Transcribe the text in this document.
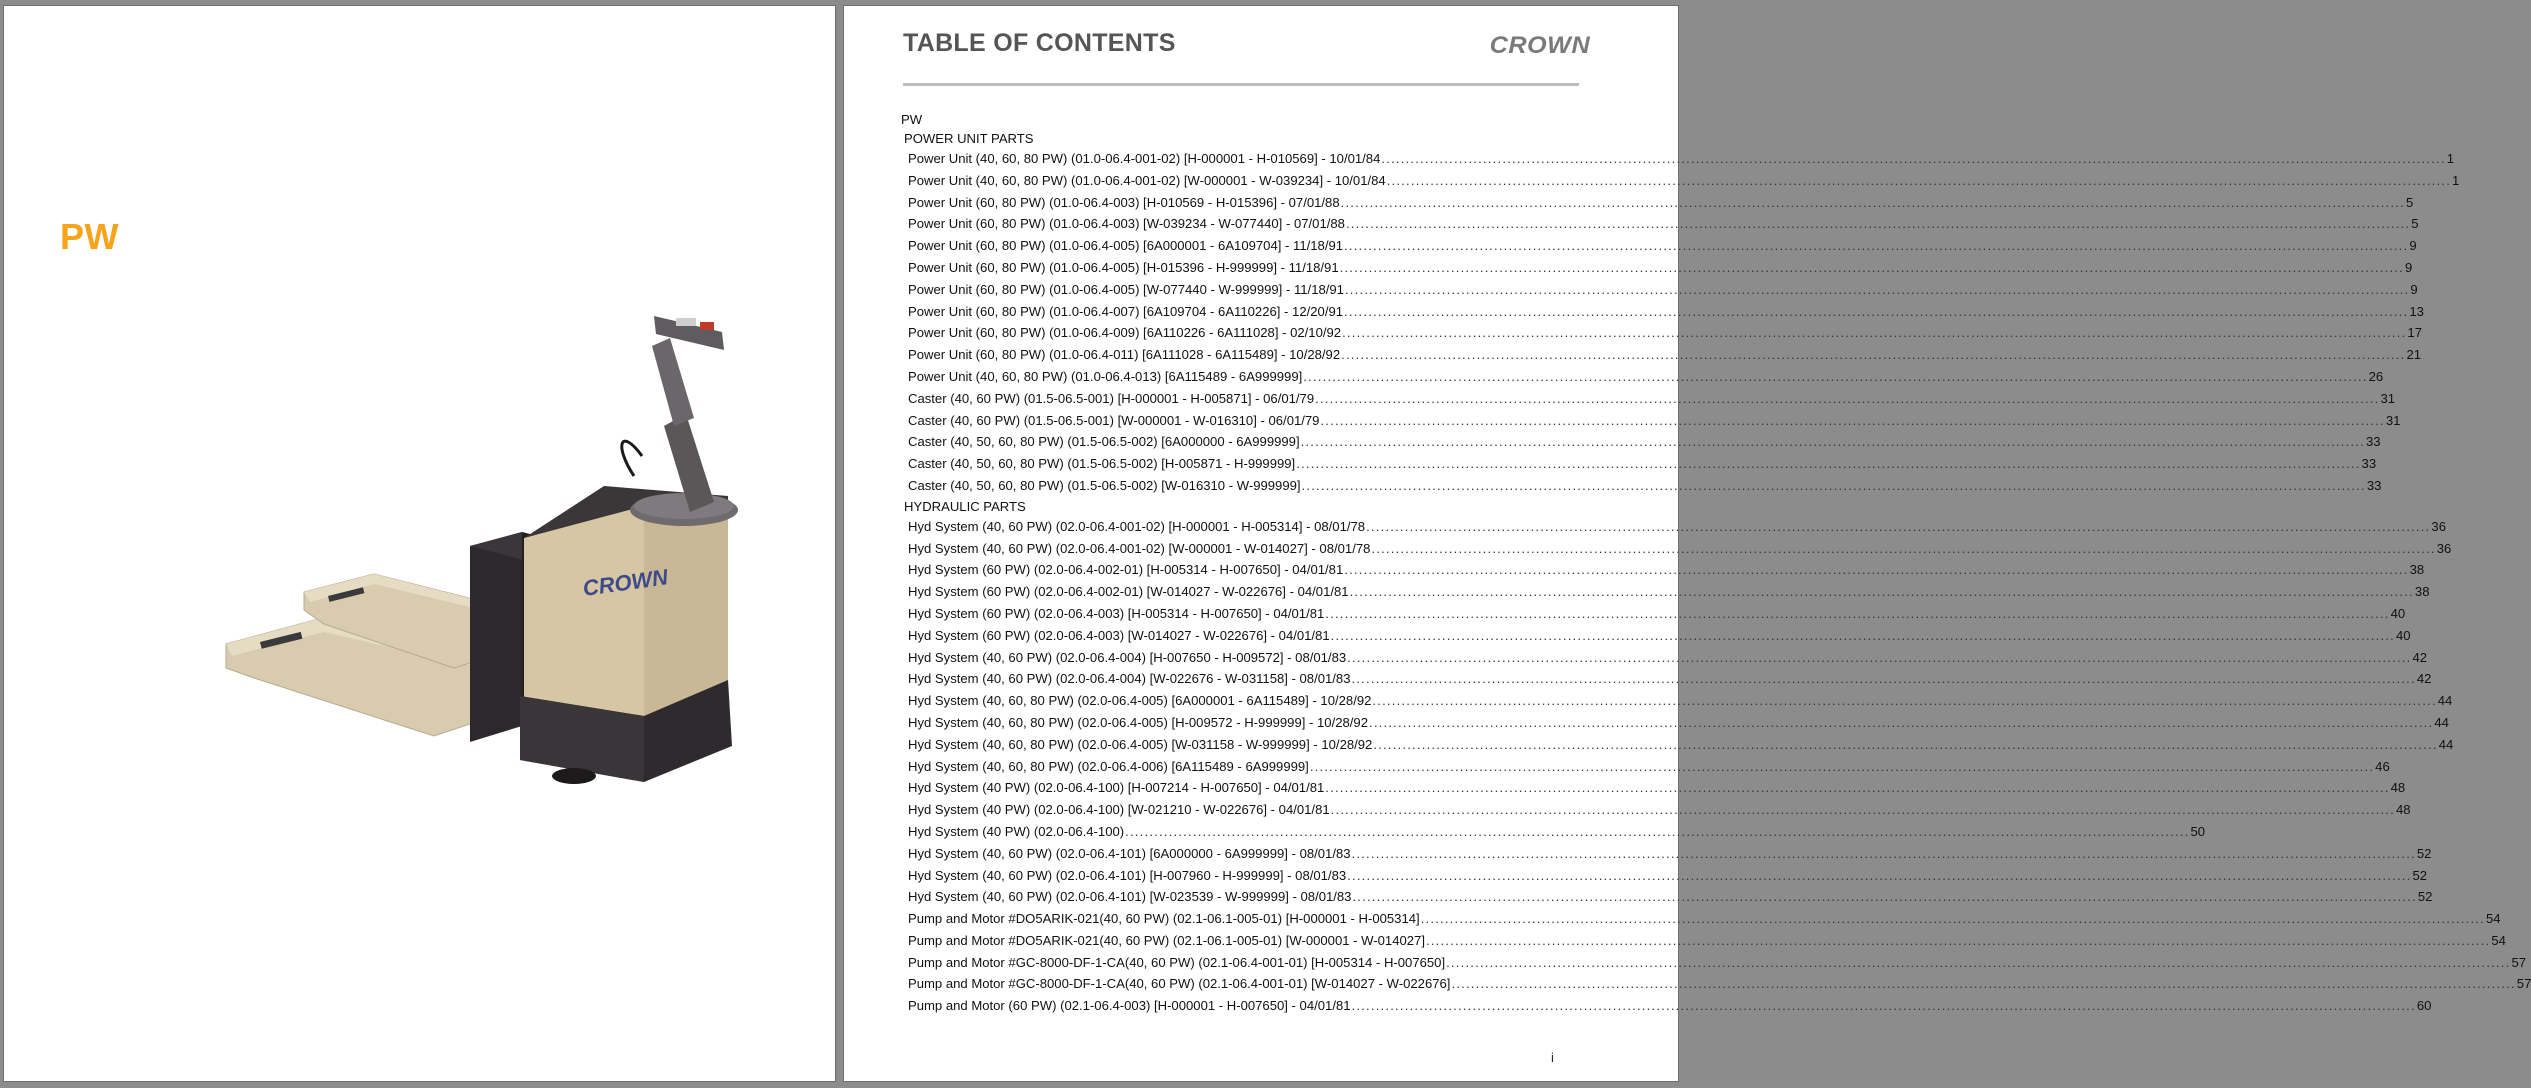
PW
CROWN
TABLE OF CONTENTS	CROWN
PW
POWER UNIT PARTS
Power Unit (40, 60, 80 PW) (01.0-06.4-001-02) [H-000001 - H-010569] - 10/01/84 ............................................................................................................................................................................................................................ 1
Power Unit (40, 60, 80 PW) (01.0-06.4-001-02) [W-000001 - W-039234] - 10/01/84 ............................................................................................................................................................................................................................ 1
Power Unit (60, 80 PW) (01.0-06.4-003) [H-010569 - H-015396] - 07/01/88 ............................................................................................................................................................................................................................ 5
Power Unit (60, 80 PW) (01.0-06.4-003) [W-039234 - W-077440] - 07/01/88 ............................................................................................................................................................................................................................ 5
Power Unit (60, 80 PW) (01.0-06.4-005) [6A000001 - 6A109704] - 11/18/91 ............................................................................................................................................................................................................................ 9
Power Unit (60, 80 PW) (01.0-06.4-005) [H-015396 - H-999999] - 11/18/91 ............................................................................................................................................................................................................................ 9
Power Unit (60, 80 PW) (01.0-06.4-005) [W-077440 - W-999999] - 11/18/91 ............................................................................................................................................................................................................................ 9
Power Unit (60, 80 PW) (01.0-06.4-007) [6A109704 - 6A110226] - 12/20/91 ............................................................................................................................................................................................................................ 13
Power Unit (60, 80 PW) (01.0-06.4-009) [6A110226 - 6A111028] - 02/10/92 ............................................................................................................................................................................................................................ 17
Power Unit (60, 80 PW) (01.0-06.4-011) [6A111028 - 6A115489] - 10/28/92 ............................................................................................................................................................................................................................ 21
Power Unit (40, 60, 80 PW) (01.0-06.4-013) [6A115489 - 6A999999] ............................................................................................................................................................................................................................ 26
Caster (40, 60 PW) (01.5-06.5-001) [H-000001 - H-005871] - 06/01/79 ............................................................................................................................................................................................................................ 31
Caster (40, 60 PW) (01.5-06.5-001) [W-000001 - W-016310] - 06/01/79 ............................................................................................................................................................................................................................ 31
Caster (40, 50, 60, 80 PW) (01.5-06.5-002) [6A000000 - 6A999999] ............................................................................................................................................................................................................................ 33
Caster (40, 50, 60, 80 PW) (01.5-06.5-002) [H-005871 - H-999999] ............................................................................................................................................................................................................................ 33
Caster (40, 50, 60, 80 PW) (01.5-06.5-002) [W-016310 - W-999999] ............................................................................................................................................................................................................................ 33
HYDRAULIC PARTS
Hyd System (40, 60 PW) (02.0-06.4-001-02) [H-000001 - H-005314] - 08/01/78 ............................................................................................................................................................................................................................ 36
Hyd System (40, 60 PW) (02.0-06.4-001-02) [W-000001 - W-014027] - 08/01/78 ............................................................................................................................................................................................................................ 36
Hyd System (60 PW) (02.0-06.4-002-01) [H-005314 - H-007650] - 04/01/81 ............................................................................................................................................................................................................................ 38
Hyd System (60 PW) (02.0-06.4-002-01) [W-014027 - W-022676] - 04/01/81 ............................................................................................................................................................................................................................ 38
Hyd System (60 PW) (02.0-06.4-003) [H-005314 - H-007650] - 04/01/81 ............................................................................................................................................................................................................................ 40
Hyd System (60 PW) (02.0-06.4-003) [W-014027 - W-022676] - 04/01/81 ............................................................................................................................................................................................................................ 40
Hyd System (40, 60 PW) (02.0-06.4-004) [H-007650 - H-009572] - 08/01/83 ............................................................................................................................................................................................................................ 42
Hyd System (40, 60 PW) (02.0-06.4-004) [W-022676 - W-031158] - 08/01/83 ............................................................................................................................................................................................................................ 42
Hyd System (40, 60, 80 PW) (02.0-06.4-005) [6A000001 - 6A115489] - 10/28/92 ............................................................................................................................................................................................................................ 44
Hyd System (40, 60, 80 PW) (02.0-06.4-005) [H-009572 - H-999999] - 10/28/92 ............................................................................................................................................................................................................................ 44
Hyd System (40, 60, 80 PW) (02.0-06.4-005) [W-031158 - W-999999] - 10/28/92 ............................................................................................................................................................................................................................ 44
Hyd System (40, 60, 80 PW) (02.0-06.4-006) [6A115489 - 6A999999] ............................................................................................................................................................................................................................ 46
Hyd System (40 PW) (02.0-06.4-100) [H-007214 - H-007650] - 04/01/81 ............................................................................................................................................................................................................................ 48
Hyd System (40 PW) (02.0-06.4-100) [W-021210 - W-022676] - 04/01/81 ............................................................................................................................................................................................................................ 48
Hyd System (40 PW) (02.0-06.4-100) ............................................................................................................................................................................................................................ 50
Hyd System (40, 60 PW) (02.0-06.4-101) [6A000000 - 6A999999] - 08/01/83 ............................................................................................................................................................................................................................ 52
Hyd System (40, 60 PW) (02.0-06.4-101) [H-007960 - H-999999] - 08/01/83 ............................................................................................................................................................................................................................ 52
Hyd System (40, 60 PW) (02.0-06.4-101) [W-023539 - W-999999] - 08/01/83 ............................................................................................................................................................................................................................ 52
Pump and Motor #DO5ARIK-021(40, 60 PW) (02.1-06.1-005-01) [H-000001 - H-005314] ............................................................................................................................................................................................................................ 54
Pump and Motor #DO5ARIK-021(40, 60 PW) (02.1-06.1-005-01) [W-000001 - W-014027] ............................................................................................................................................................................................................................ 54
Pump and Motor #GC-8000-DF-1-CA(40, 60 PW) (02.1-06.4-001-01) [H-005314 - H-007650] ............................................................................................................................................................................................................................ 57
Pump and Motor #GC-8000-DF-1-CA(40, 60 PW) (02.1-06.4-001-01) [W-014027 - W-022676] ............................................................................................................................................................................................................................ 57
Pump and Motor (60 PW) (02.1-06.4-003) [H-000001 - H-007650] - 04/01/81 ............................................................................................................................................................................................................................ 60
i
